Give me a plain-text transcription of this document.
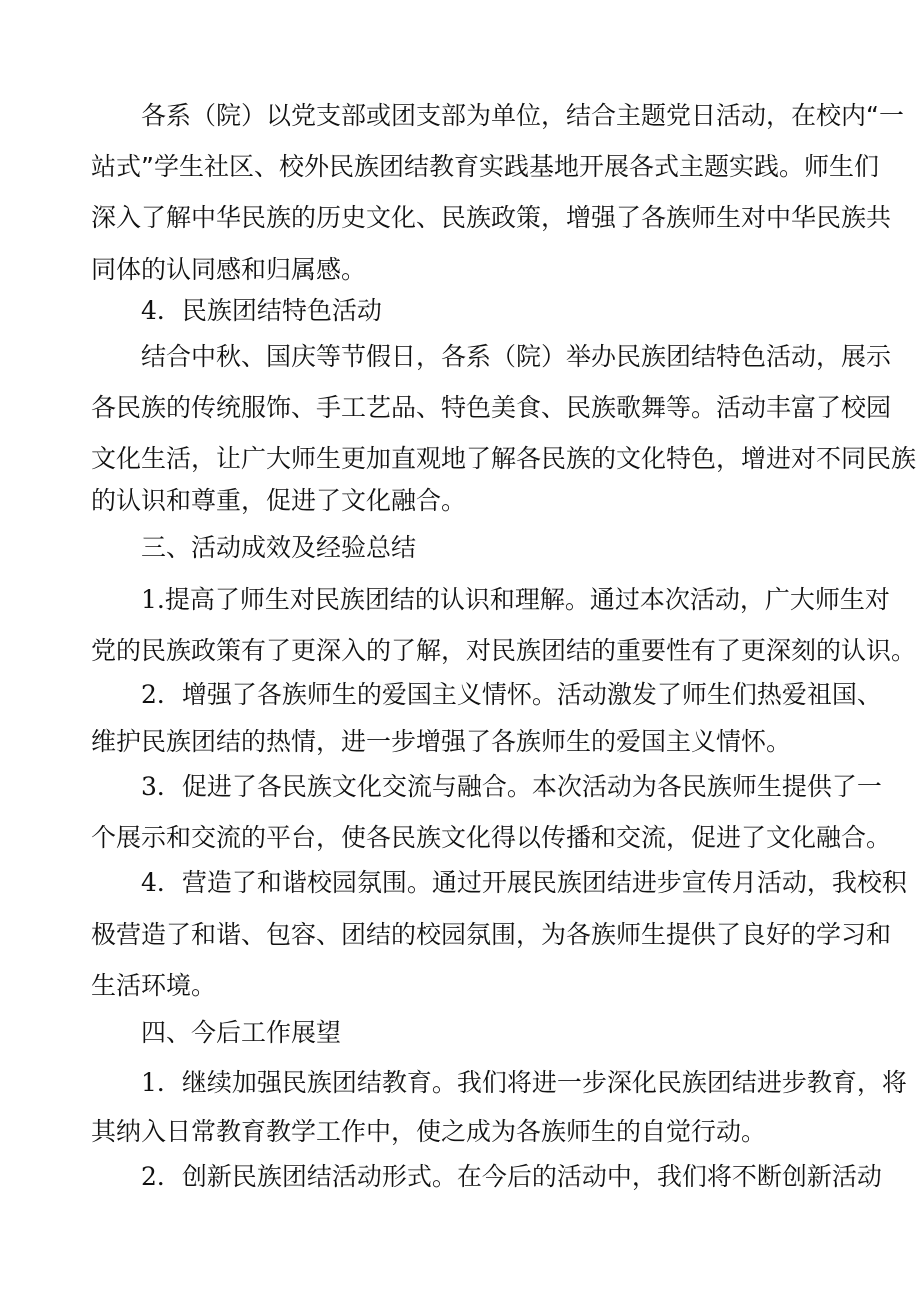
各系（院）以党支部或团支部为单位，结合主题党日活动，在校内“一
站式”学生社区、校外民族团结教育实践基地开展各式主题实践。师生们
深入了解中华民族的历史文化、民族政策，增强了各族师生对中华民族共
同体的认同感和归属感。
4．民族团结特色活动
结合中秋、国庆等节假日，各系（院）举办民族团结特色活动，展示
各民族的传统服饰、手工艺品、特色美食、民族歌舞等。活动丰富了校园
文化生活，让广大师生更加直观地了解各民族的文化特色，增进对不同民族
的认识和尊重，促进了文化融合。
三、活动成效及经验总结
1.提高了师生对民族团结的认识和理解。通过本次活动，广大师生对
党的民族政策有了更深入的了解，对民族团结的重要性有了更深刻的认识。
2．增强了各族师生的爱国主义情怀。活动激发了师生们热爱祖国、
维护民族团结的热情，进一步增强了各族师生的爱国主义情怀。
3．促进了各民族文化交流与融合。本次活动为各民族师生提供了一
个展示和交流的平台，使各民族文化得以传播和交流，促进了文化融合。
4．营造了和谐校园氛围。通过开展民族团结进步宣传月活动，我校积
极营造了和谐、包容、团结的校园氛围，为各族师生提供了良好的学习和
生活环境。
四、今后工作展望
1．继续加强民族团结教育。我们将进一步深化民族团结进步教育，将
其纳入日常教育教学工作中，使之成为各族师生的自觉行动。
2．创新民族团结活动形式。在今后的活动中，我们将不断创新活动
